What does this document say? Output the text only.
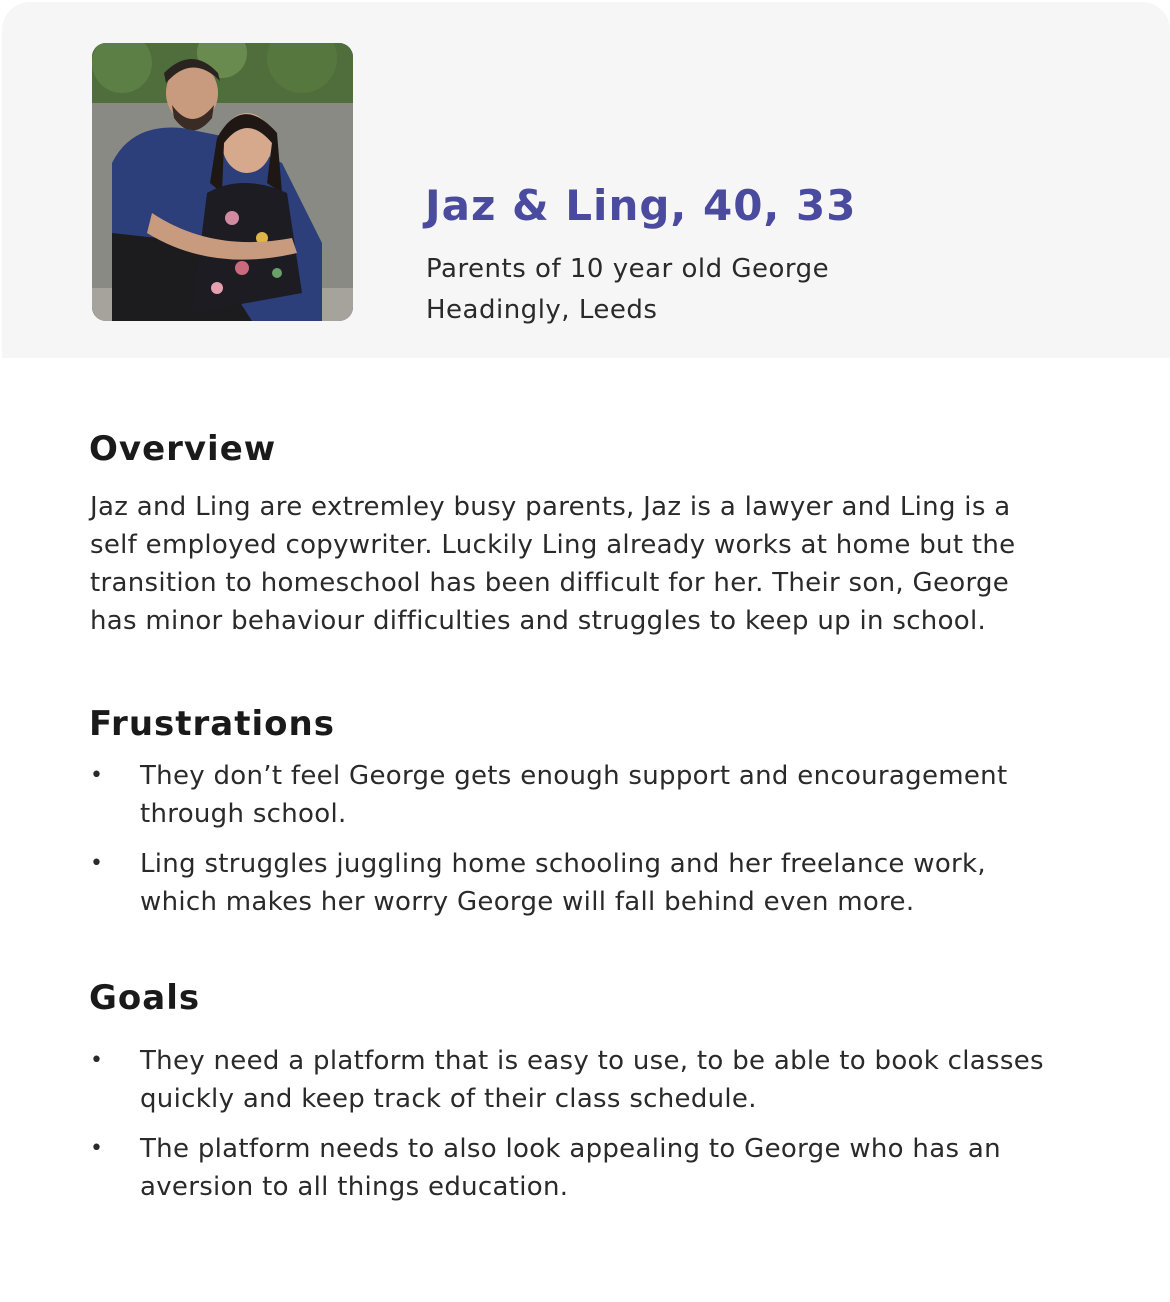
Jaz & Ling, 40, 33

Parents of 10 year old George

Headingly, Leeds

Overview

Jaz and Ling are extremley busy parents, Jaz is a lawyer and Ling is a
self employed copywriter. Luckily Ling already works at home but the
transition to homeschool has been difficult for her. Their son, George
has minor behaviour difficulties and struggles to keep up in school.

Frustrations
• They don’t feel George gets enough support and encouragement
through school.
• Ling struggles juggling home schooling and her freelance work,
which makes her worry George will fall behind even more.
Goals
• They need a platform that is easy to use, to be able to book classes
quickly and keep track of their class schedule.
• The platform needs to also look appealing to George who has an
aversion to all things education.
